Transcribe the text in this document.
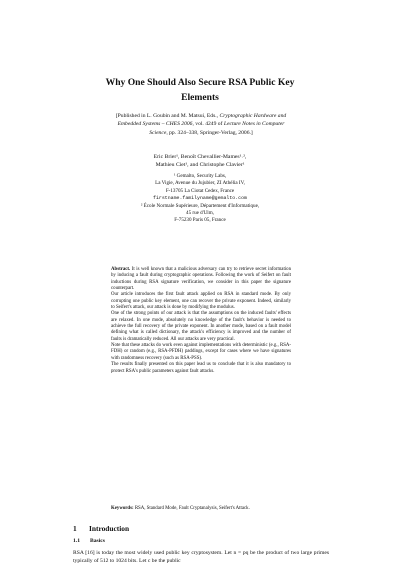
Why One Should Also Secure RSA Public Key
Elements
[Published in L. Goubin and M. Matsui, Eds., Cryptographic Hardware and
Embedded Systems – CHES 2006, vol. 4249 of Lecture Notes in Computer
Science, pp. 324–338, Springer-Verlag, 2006.]
Eric Brier¹, Benoît Chevallier-Mames¹˒²,
Mathieu Ciet¹, and Christophe Clavier¹
¹ Gemalto, Security Labs,
La Vigie, Avenue du Jujubier, ZI Athélia IV,
F-13705 La Ciotat Cedex, France
firstname.familyname@gemalto.com
² École Normale Supérieure, Département d'Informatique,
45 rue d'Ulm,
F-75230 Paris 05, France

Abstract. It is well known that a malicious adversary can try to retrieve secret information by inducing a fault during cryptographic operations. Following the work of Seifert on fault inductions during RSA signature verification, we consider in this paper the signature counterpart.

Our article introduces the first fault attack applied on RSA in standard mode. By only corrupting one public key element, one can recover the private exponent. Indeed, similarly to Seifert's attack, our attack is done by modifying the modulus.

One of the strong points of our attack is that the assumptions on the induced faults' effects are relaxed. In one mode, absolutely no knowledge of the fault's behavior is needed to achieve the full recovery of the private exponent. In another mode, based on a fault model defining what is called dictionary, the attack's efficiency is improved and the number of faults is dramatically reduced. All our attacks are very practical.

Note that these attacks do work even against implementations with deterministic (e.g., RSA-FDH) or random (e.g., RSA-PFDH) paddings, except for cases where we have signatures with randomness recovery (such as RSA-PSS).

The results finally presented on this paper lead us to conclude that it is also mandatory to protect RSA's public parameters against fault attacks.

Keywords: RSA, Standard Mode, Fault Cryptanalysis, Seifert's Attack.
1 Introduction
1.1 Basics

RSA [16] is today the most widely used public key cryptosystem. Let n = pq be the product of two large primes typically of 512 to 1024 bits. Let c be the public
